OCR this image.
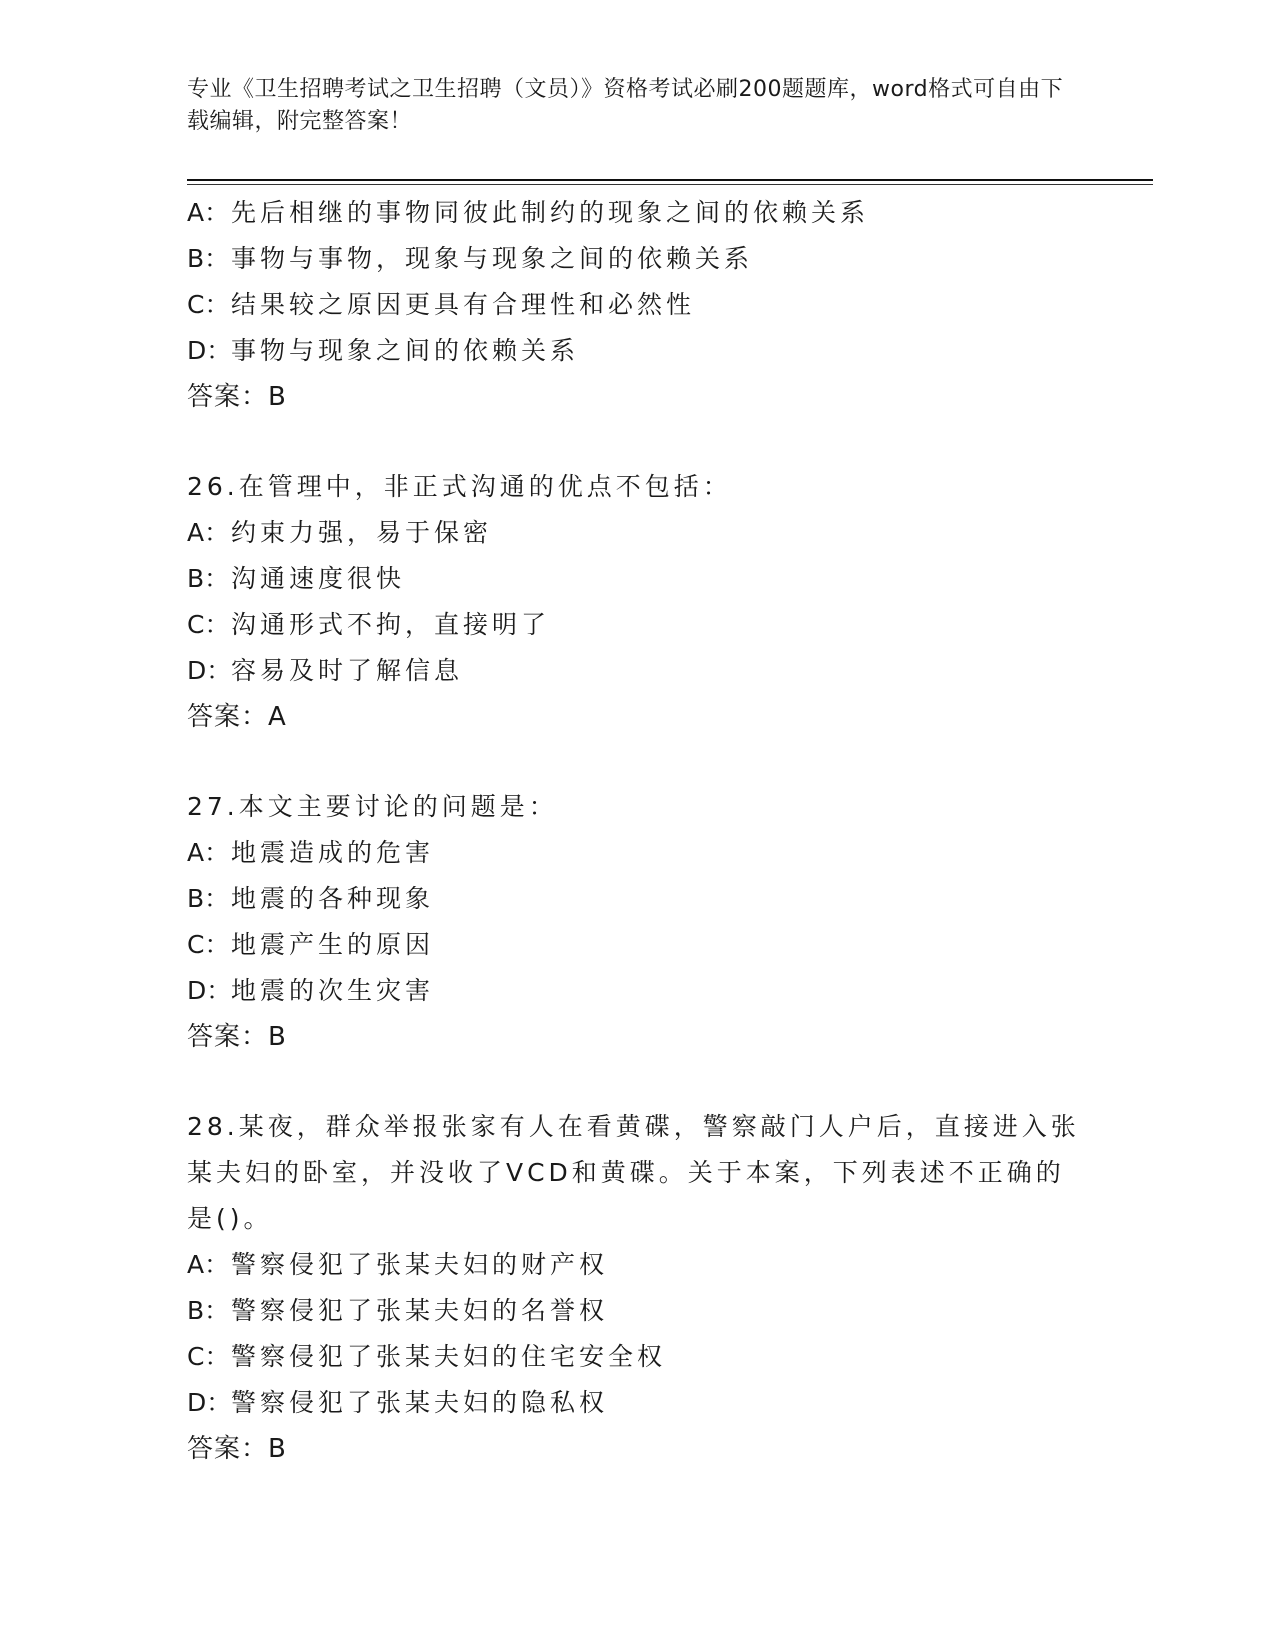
专业《卫生招聘考试之卫生招聘（文员）》资格考试必刷200题题库，word格式可自由下载编辑，附完整答案！
A：先后相继的事物同彼此制约的现象之间的依赖关系
B：事物与事物，现象与现象之间的依赖关系
C：结果较之原因更具有合理性和必然性
D：事物与现象之间的依赖关系
答案：B
26.在管理中，非正式沟通的优点不包括：
A：约束力强，易于保密
B：沟通速度很快
C：沟通形式不拘，直接明了
D：容易及时了解信息
答案：A
27.本文主要讨论的问题是：
A：地震造成的危害
B：地震的各种现象
C：地震产生的原因
D：地震的次生灾害
答案：B
28.某夜，群众举报张家有人在看黄碟，警察敲门人户后，直接进入张某夫妇的卧室，并没收了VCD和黄碟。关于本案，下列表述不正确的是()。
A：警察侵犯了张某夫妇的财产权
B：警察侵犯了张某夫妇的名誉权
C：警察侵犯了张某夫妇的住宅安全权
D：警察侵犯了张某夫妇的隐私权
答案：B
